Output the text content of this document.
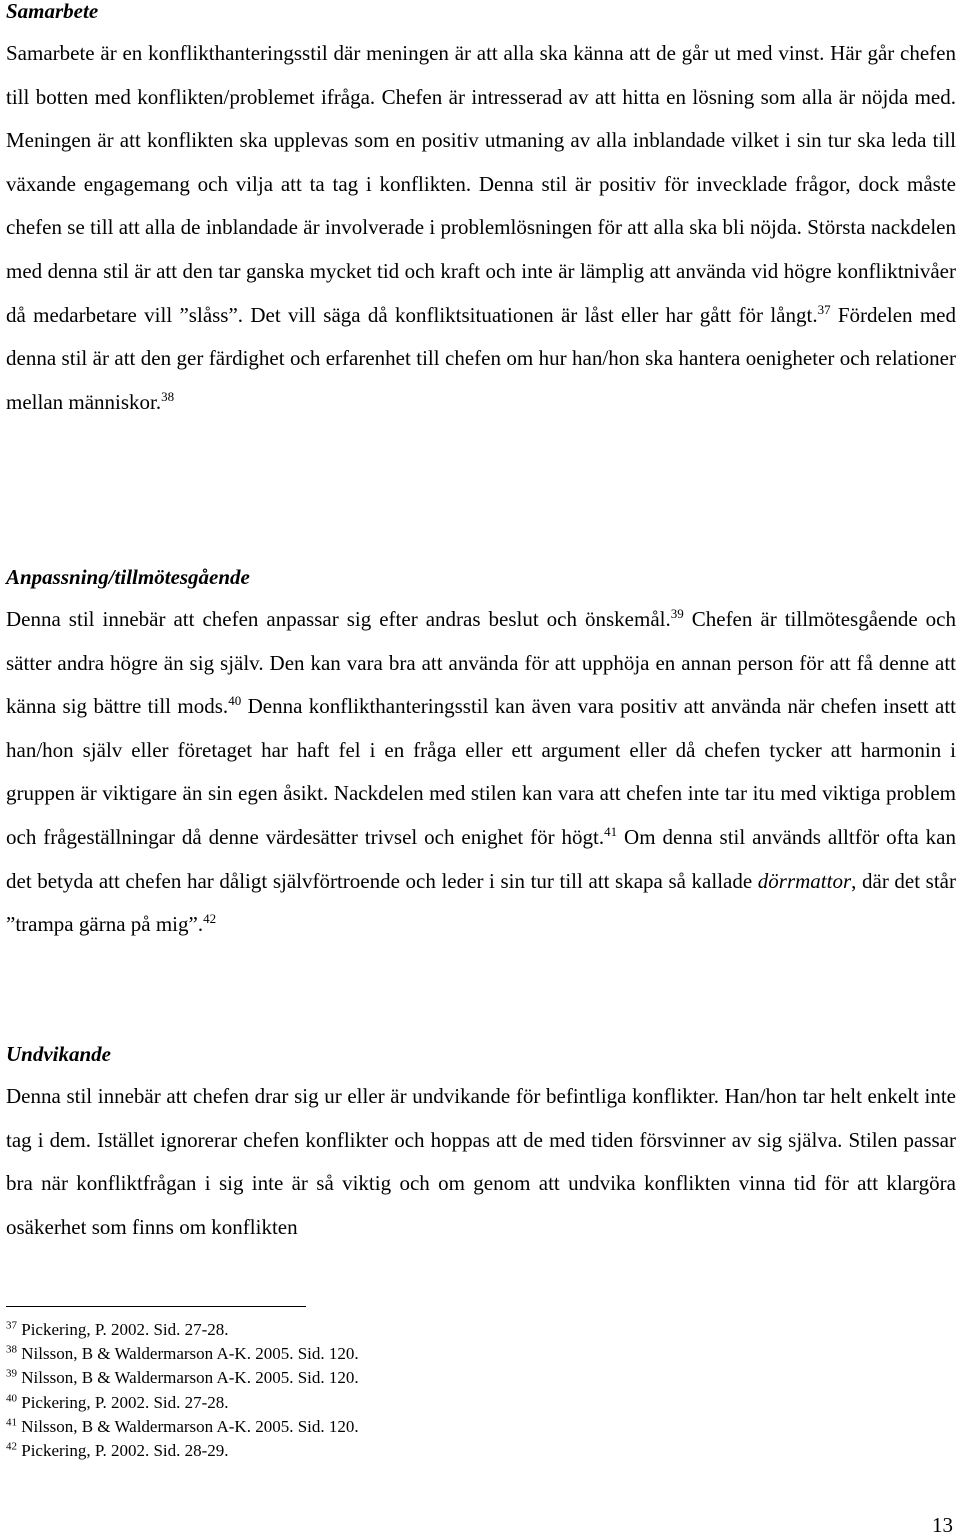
Samarbete

Samarbete är en konflikthanteringsstil där meningen är att alla ska känna att de går ut med vinst. Här går chefen till botten med konflikten/problemet ifråga. Chefen är intresserad av att hitta en lösning som alla är nöjda med. Meningen är att konflikten ska upplevas som en positiv utmaning av alla inblandade vilket i sin tur ska leda till växande engagemang och vilja att ta tag i konflikten. Denna stil är positiv för invecklade frågor, dock måste chefen se till att alla de inblandade är involverade i problemlösningen för att alla ska bli nöjda. Största nackdelen med denna stil är att den tar ganska mycket tid och kraft och inte är lämplig att använda vid högre konfliktnivåer då medarbetare vill ”slåss”. Det vill säga då konfliktsituationen är låst eller har gått för långt.$^{37}$ Fördelen med denna stil är att den ger färdighet och erfarenhet till chefen om hur han/hon ska hantera oenigheter och relationer mellan människor.$^{38}$

Anpassning/tillmötesgående

Denna stil innebär att chefen anpassar sig efter andras beslut och önskemål.$^{39}$ Chefen är tillmötesgående och sätter andra högre än sig själv. Den kan vara bra att använda för att upphöja en annan person för att få denne att känna sig bättre till mods.$^{40}$ Denna konflikthanteringsstil kan även vara positiv att använda när chefen insett att han/hon själv eller företaget har haft fel i en fråga eller ett argument eller då chefen tycker att harmonin i gruppen är viktigare än sin egen åsikt. Nackdelen med stilen kan vara att chefen inte tar itu med viktiga problem och frågeställningar då denne värdesätter trivsel och enighet för högt.$^{41}$ Om denna stil används alltför ofta kan det betyda att chefen har dåligt självförtroende och leder i sin tur till att skapa så kallade dörrmattor, där det står ”trampa gärna på mig”.$^{42}$

Undvikande

Denna stil innebär att chefen drar sig ur eller är undvikande för befintliga konflikter. Han/hon tar helt enkelt inte tag i dem. Istället ignorerar chefen konflikter och hoppas att de med tiden försvinner av sig själva. Stilen passar bra när konfliktfrågan i sig inte är så viktig och om genom att undvika konflikten vinna tid för att klargöra osäkerhet som finns om konflikten

$^{37}$ Pickering, P. 2002. Sid. 27-28.

$^{38}$ Nilsson, B & Waldermarson A-K. 2005. Sid. 120.

$^{39}$ Nilsson, B & Waldermarson A-K. 2005. Sid. 120.

$^{40}$ Pickering, P. 2002. Sid. 27-28.

$^{41}$ Nilsson, B & Waldermarson A-K. 2005. Sid. 120.

$^{42}$ Pickering, P. 2002. Sid. 28-29.

13
